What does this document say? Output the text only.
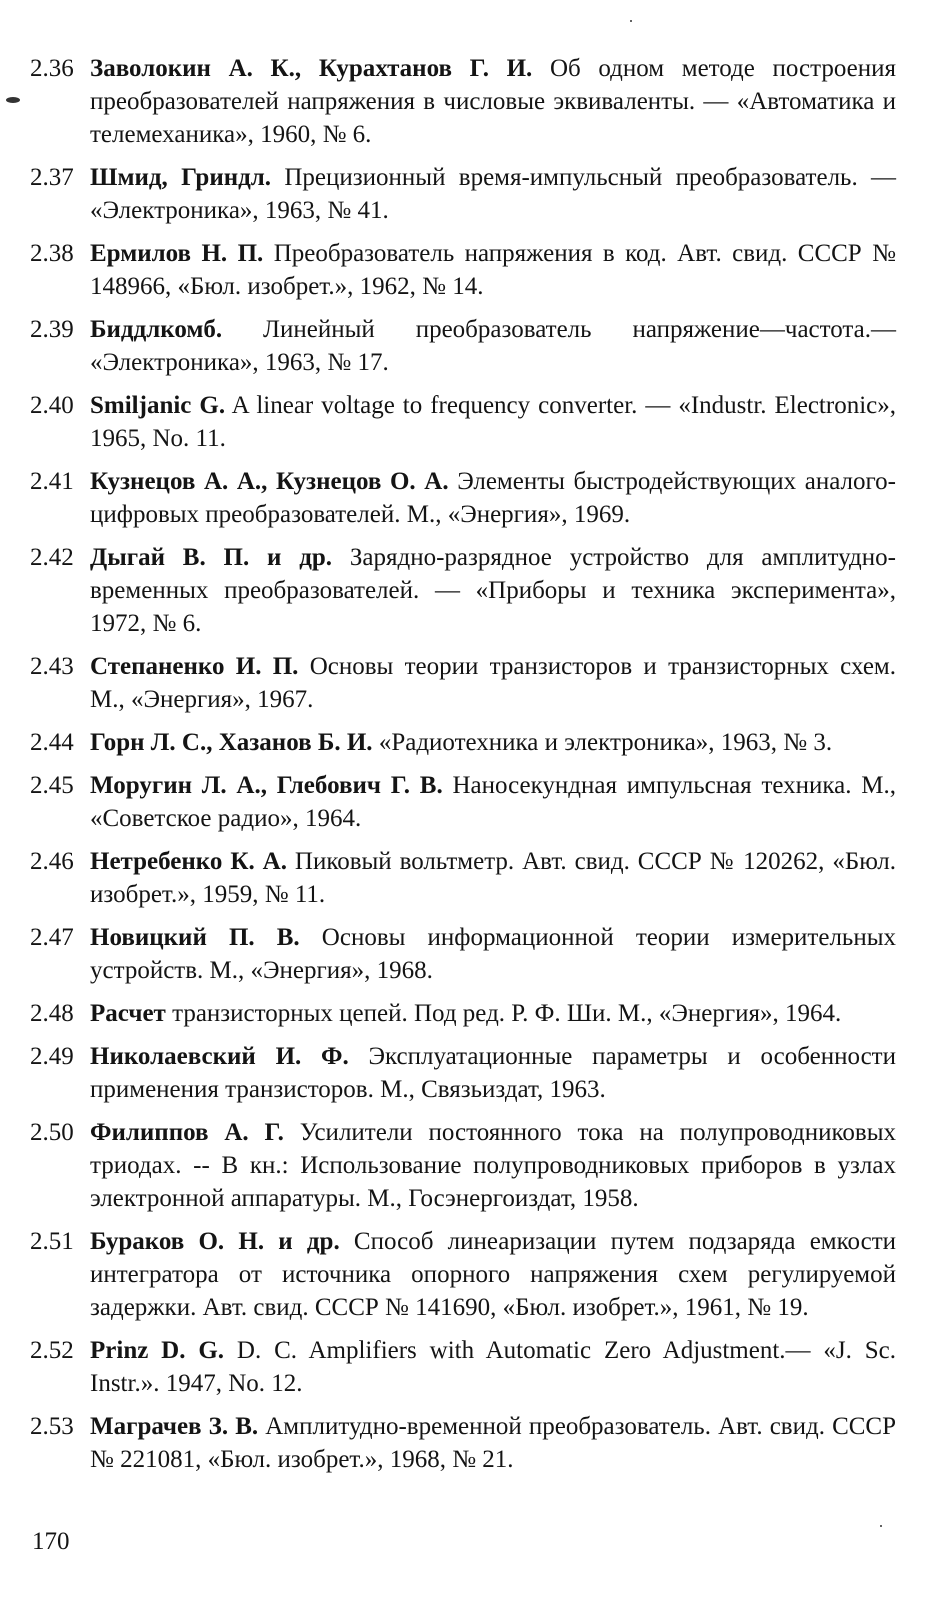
2.36 Заволокин А. К., Курахтанов Г. И. Об одном методе построения преобразователей напряжения в числовые эквиваленты. — «Автоматика и телемеханика», 1960, № 6.
2.37 Шмид, Гриндл. Прецизионный время-импульсный преобразователь. — «Электроника», 1963, № 41.
2.38 Ермилов Н. П. Преобразователь напряжения в код. Авт. свид. СССР № 148966, «Бюл. изобрет.», 1962, № 14.
2.39 Биддлкомб. Линейный преобразователь напряжение—частота.— «Электроника», 1963, № 17.
2.40 Smiljanic G. A linear voltage to frequency converter. — «Industr. Electronic», 1965, No. 11.
2.41 Кузнецов А. А., Кузнецов О. А. Элементы быстродействующих аналого-цифровых преобразователей. М., «Энергия», 1969.
2.42 Дыгай В. П. и др. Зарядно-разрядное устройство для амплитудно-временных преобразователей. — «Приборы и техника эксперимента», 1972, № 6.
2.43 Степаненко И. П. Основы теории транзисторов и транзисторных схем. М., «Энергия», 1967.
2.44 Горн Л. С., Хазанов Б. И. «Радиотехника и электроника», 1963, № 3.
2.45 Моругин Л. А., Глебович Г. В. Наносекундная импульсная техника. М., «Советское радио», 1964.
2.46 Нетребенко К. А. Пиковый вольтметр. Авт. свид. СССР № 120262, «Бюл. изобрет.», 1959, № 11.
2.47 Новицкий П. В. Основы информационной теории измерительных устройств. М., «Энергия», 1968.
2.48 Расчет транзисторных цепей. Под ред. Р. Ф. Ши. М., «Энергия», 1964.
2.49 Николаевский И. Ф. Эксплуатационные параметры и особенности применения транзисторов. М., Связьиздат, 1963.
2.50 Филиппов А. Г. Усилители постоянного тока на полупроводниковых триодах. -- В кн.: Использование полупроводниковых приборов в узлах электронной аппаратуры. М., Госэнергоиздат, 1958.
2.51 Бураков О. Н. и др. Способ линеаризации путем подзаряда емкости интегратора от источника опорного напряжения схем регулируемой задержки. Авт. свид. СССР № 141690, «Бюл. изобрет.», 1961, № 19.
2.52 Prinz D. G. D. C. Amplifiers with Automatic Zero Adjustment.— «J. Sc. Instr.». 1947, No. 12.
2.53 Маграчев З. В. Амплитудно-временной преобразователь. Авт. свид. СССР № 221081, «Бюл. изобрет.», 1968, № 21.
170
